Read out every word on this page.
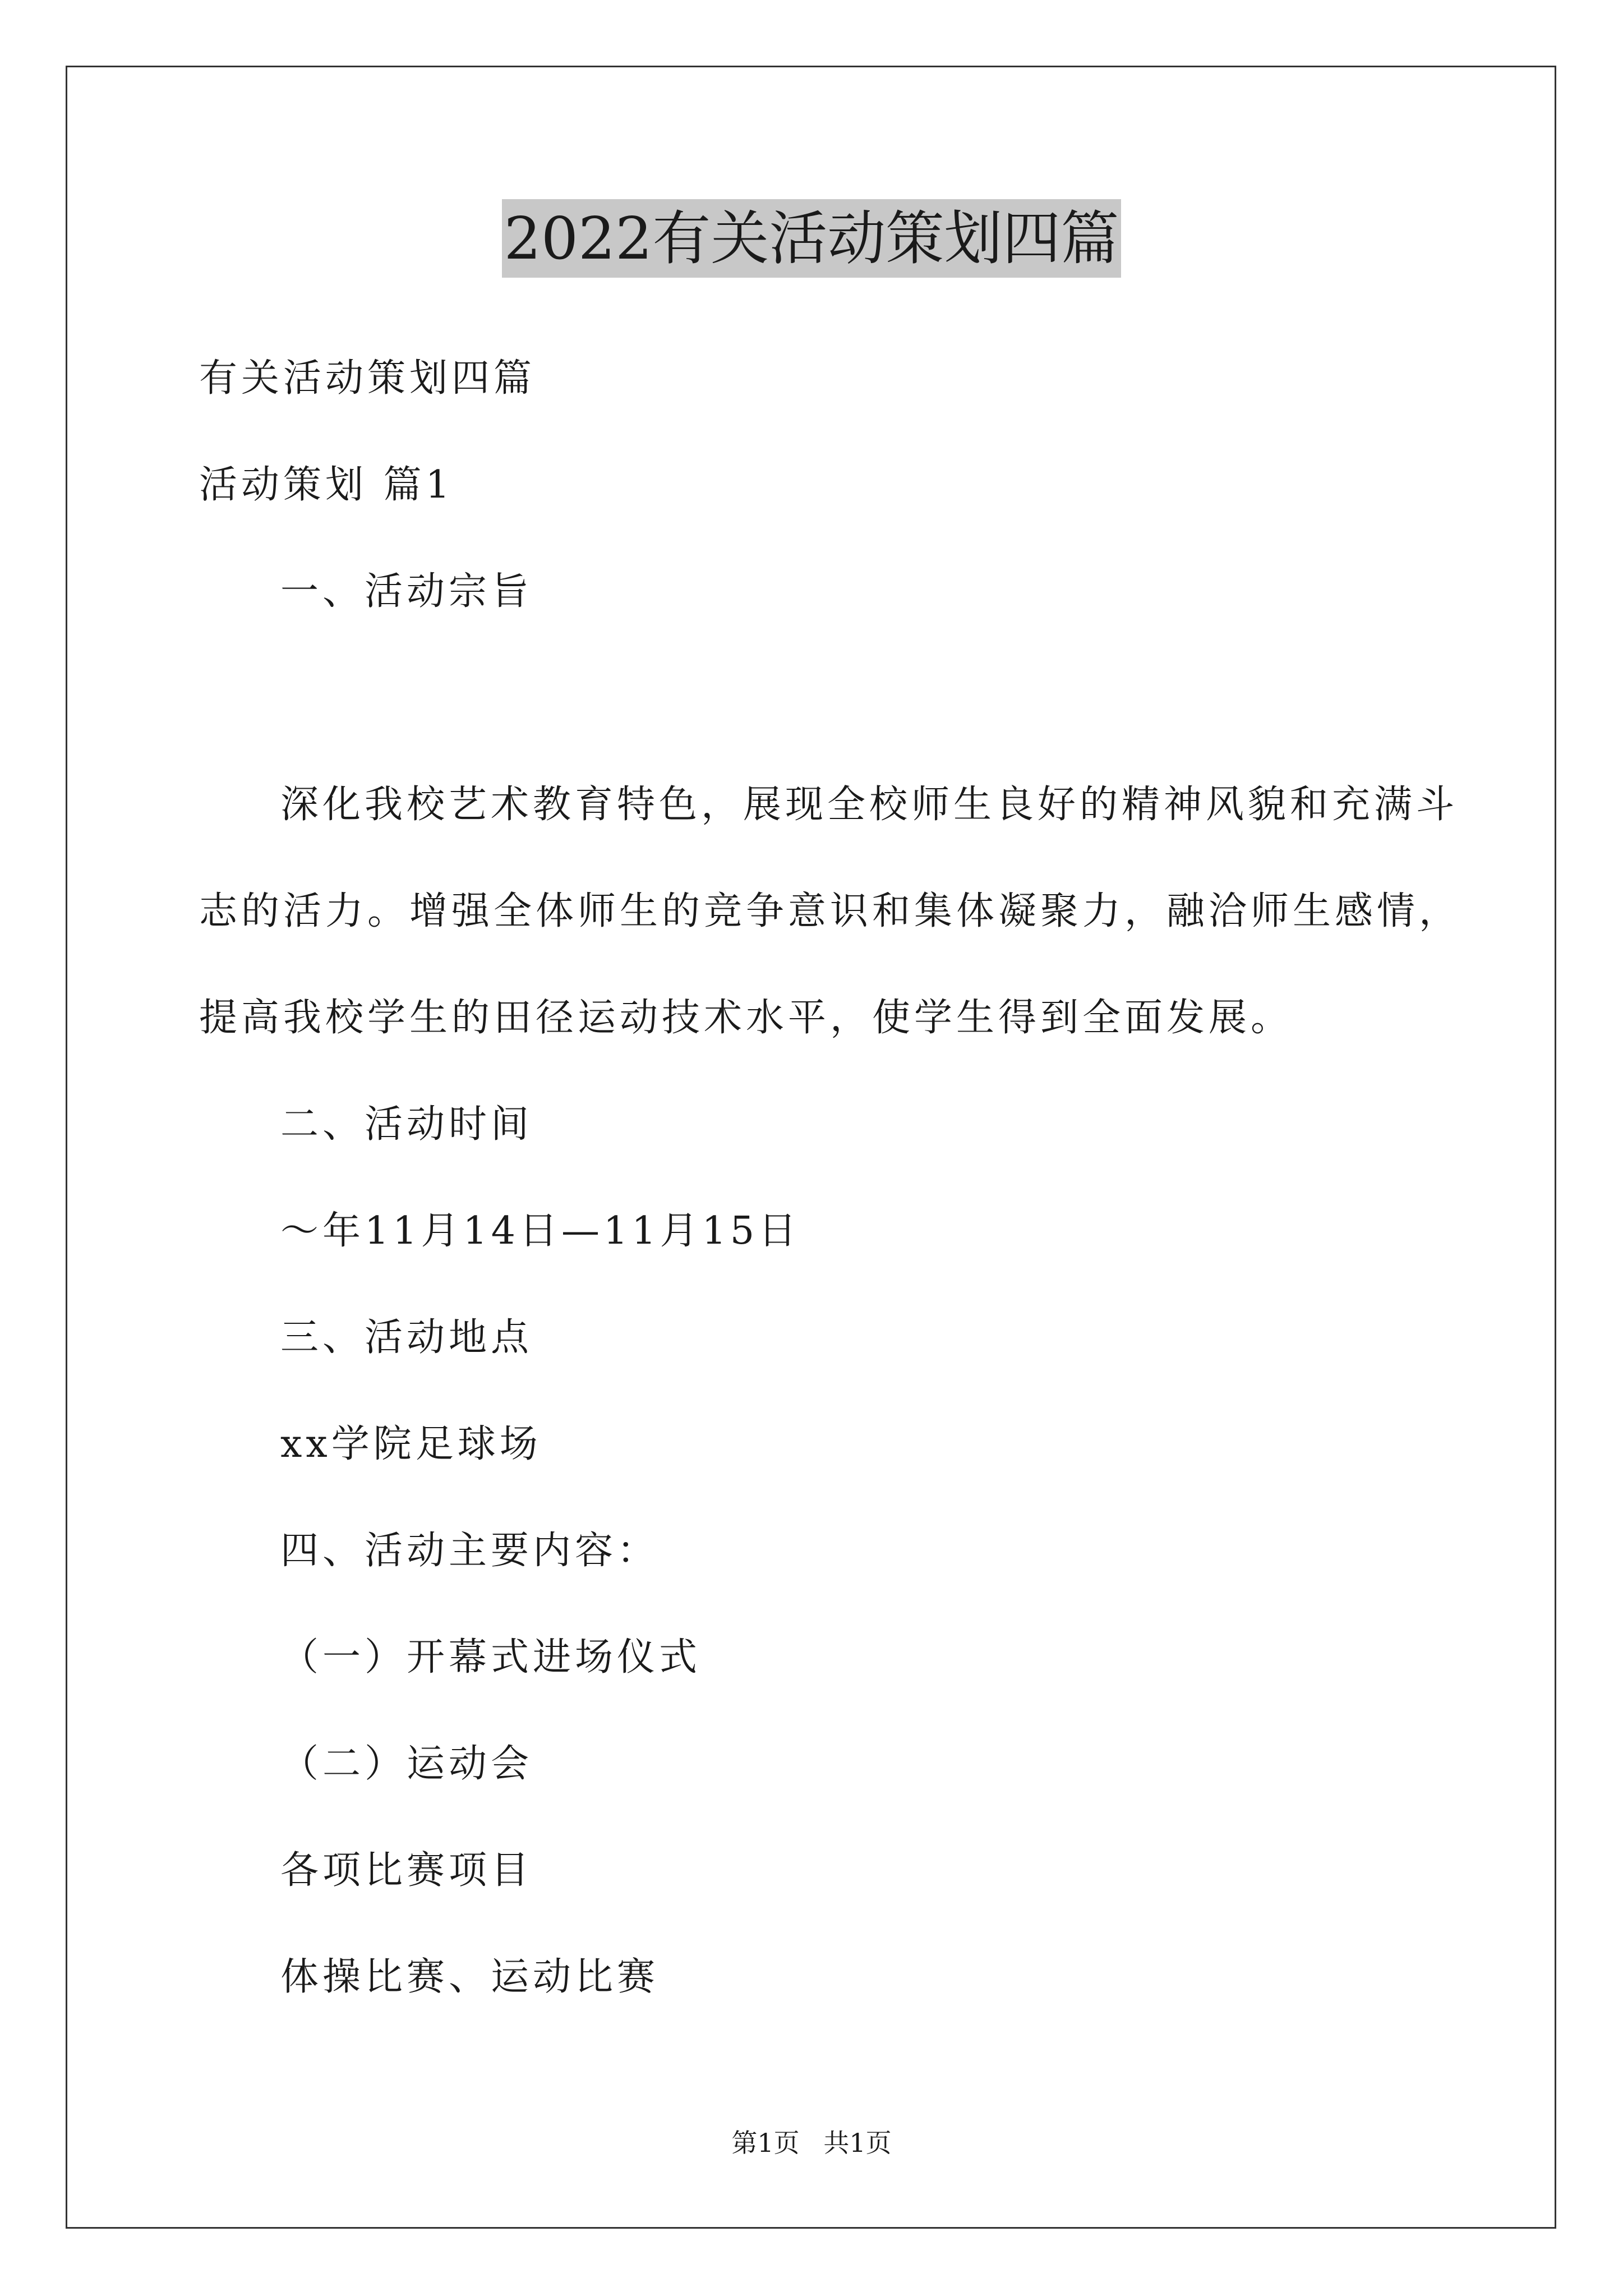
2022有关活动策划四篇
有关活动策划四篇
活动策划 篇1
一、活动宗旨
深化我校艺术教育特色，展现全校师生良好的精神风貌和充满斗
志的活力。增强全体师生的竞争意识和集体凝聚力，融洽师生感情，
提高我校学生的田径运动技术水平，使学生得到全面发展。
二、活动时间
～年11月14日—11月15日
三、活动地点
xx学院足球场
四、活动主要内容：
（一）开幕式进场仪式
（二）运动会
各项比赛项目
体操比赛、运动比赛
第1页 共1页
